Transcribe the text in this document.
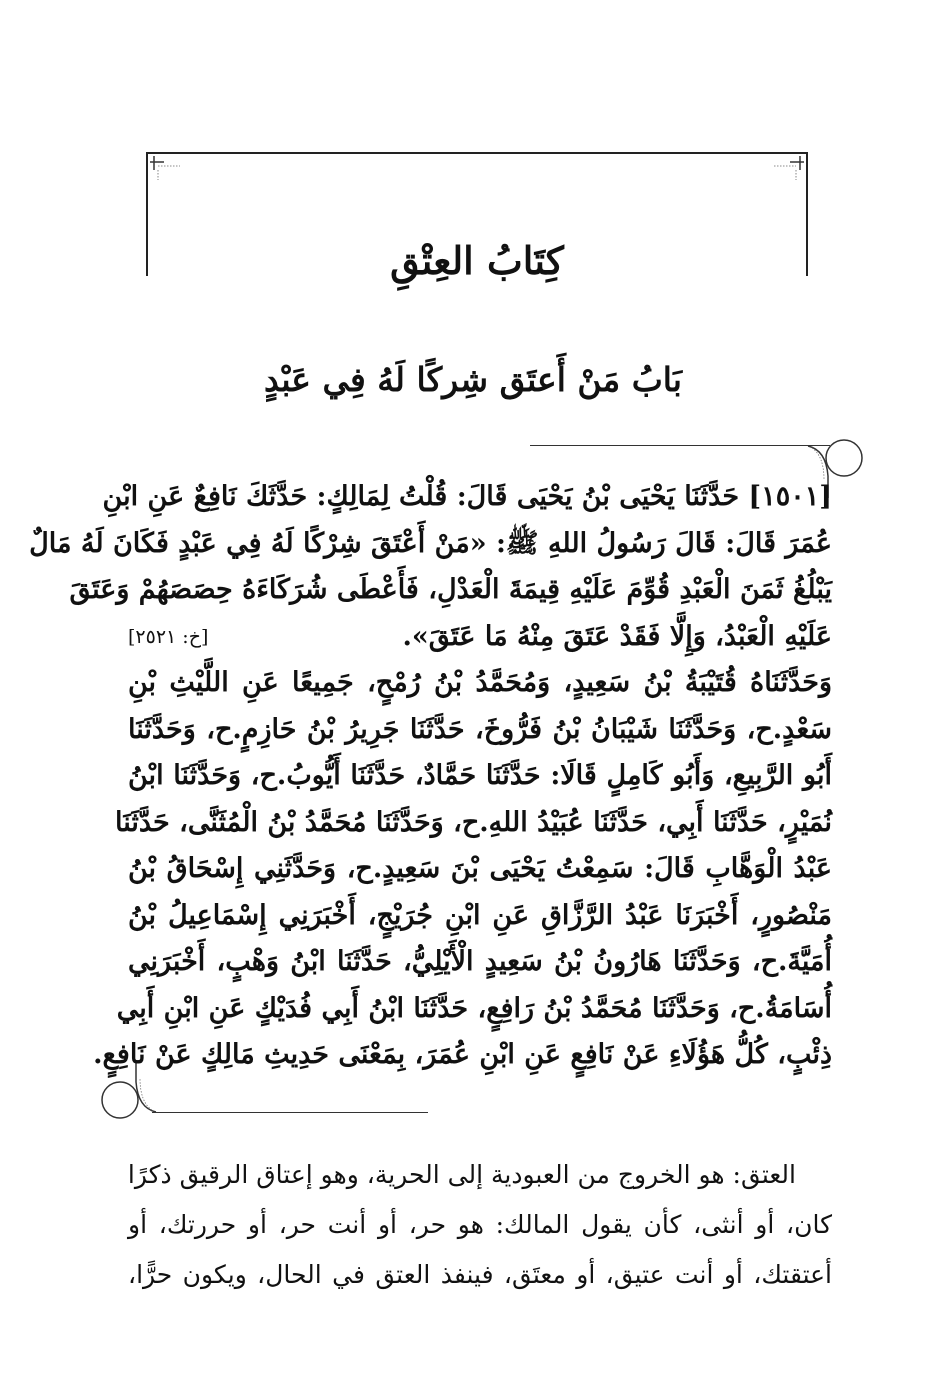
كِتَابُ العِتْقِ
بَابُ مَنْ أَعتَق شِركًا لَهُ فِي عَبْدٍ
[١٥٠١] حَدَّثَنَا يَحْيَى بْنُ يَحْيَى قَالَ: قُلْتُ لِمَالِكٍ: حَدَّثَكَ نَافِعٌ عَنِ ابْنِ
عُمَرَ قَالَ: قَالَ رَسُولُ اللهِ ﷺ: «مَنْ أَعْتَقَ شِرْكًا لَهُ فِي عَبْدٍ فَكَانَ لَهُ مَالٌ
يَبْلُغُ ثَمَنَ الْعَبْدِ قُوِّمَ عَلَيْهِ قِيمَةَ الْعَدْلِ، فَأَعْطَى شُرَكَاءَهُ حِصَصَهُمْ وَعَتَقَ
عَلَيْهِ الْعَبْدُ، وَإِلَّا فَقَدْ عَتَقَ مِنْهُ مَا عَتَقَ».
[خ: ٢٥٢١]
وَحَدَّثَنَاهُ قُتَيْبَةُ بْنُ سَعِيدٍ، وَمُحَمَّدُ بْنُ رُمْحٍ، جَمِيعًا عَنِ اللَّيْثِ بْنِ
سَعْدٍ.ح، وَحَدَّثَنَا شَيْبَانُ بْنُ فَرُّوخَ، حَدَّثَنَا جَرِيرُ بْنُ حَازِمٍ.ح، وَحَدَّثَنَا
أَبُو الرَّبِيعِ، وَأَبُو كَامِلٍ قَالَا: حَدَّثَنَا حَمَّادٌ، حَدَّثَنَا أَيُّوبُ.ح، وَحَدَّثَنَا ابْنُ
نُمَيْرٍ، حَدَّثَنَا أَبِي، حَدَّثَنَا عُبَيْدُ اللهِ.ح، وَحَدَّثَنَا مُحَمَّدُ بْنُ الْمُثَنَّى، حَدَّثَنَا
عَبْدُ الْوَهَّابِ قَالَ: سَمِعْتُ يَحْيَى بْنَ سَعِيدٍ.ح، وَحَدَّثَنِي إِسْحَاقُ بْنُ
مَنْصُورٍ، أَخْبَرَنَا عَبْدُ الرَّزَّاقِ عَنِ ابْنِ جُرَيْجٍ، أَخْبَرَنِي إِسْمَاعِيلُ بْنُ
أُمَيَّةَ.ح، وَحَدَّثَنَا هَارُونُ بْنُ سَعِيدٍ الْأَيْلِيُّ، حَدَّثَنَا ابْنُ وَهْبٍ، أَخْبَرَنِي
أُسَامَةُ.ح، وَحَدَّثَنَا مُحَمَّدُ بْنُ رَافِعٍ، حَدَّثَنَا ابْنُ أَبِي فُدَيْكٍ عَنِ ابْنِ أَبِي
ذِئْبٍ، كُلُّ هَؤُلَاءِ عَنْ نَافِعٍ عَنِ ابْنِ عُمَرَ، بِمَعْنَى حَدِيثِ مَالِكٍ عَنْ نَافِعٍ.
العتق: هو الخروج من العبودية إلى الحرية، وهو إعتاق الرقيق ذكرًا
كان، أو أنثى، كأن يقول المالك: هو حر، أو أنت حر، أو حررتك، أو
أعتقتك، أو أنت عتيق، أو معتَق، فينفذ العتق في الحال، ويكون حرًّا،
